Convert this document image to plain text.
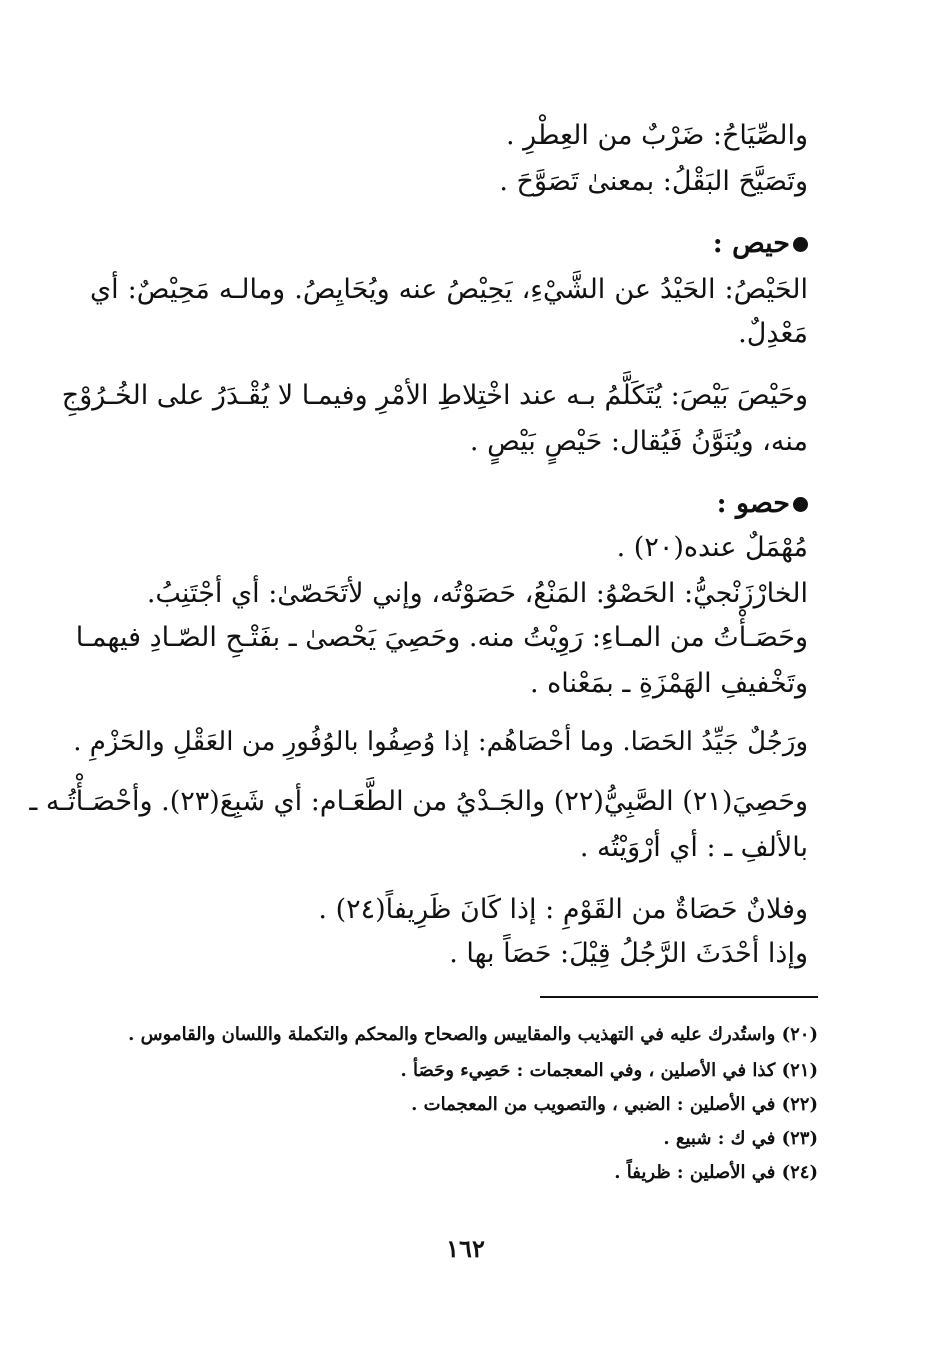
والصِّيَاحُ: ضَرْبٌ من العِطْرِ .
وتَصَيَّحَ البَقْلُ: بمعنىٰ تَصَوَّحَ .
حيص :
الحَيْصُ: الحَيْدُ عن الشَّيْءِ، يَحِيْصُ عنه ويُحَايِصُ. ومالـه مَحِيْصٌ: أي
مَعْدِلٌ.
وحَيْصَ بَيْصَ: يُتَكَلَّمُ بـه عند اخْتِلاطِ الأمْرِ وفيمـا لا يُقْـدَرُ على الخُـرُوْجِ
منه، ويُنَوَّنُ فَيُقال: حَيْصٍ بَيْصٍ .
حصو :
مُهْمَلٌ عنده(٢٠) .
الخارْزَنْجيُّ: الحَصْوُ: المَنْعُ، حَصَوْتُه، وإني لأتَحَصّىٰ: أي أجْتَنِبُ.
وحَصَـأْتُ من المـاءِ: رَوِيْتُ منه. وحَصِيَ يَحْصىٰ ـ بفَتْـحِ الصّـادِ فيهمـا
وتَخْفيفِ الهَمْزَةِ ـ بمَعْناه .
ورَجُلٌ جَيِّدُ الحَصَا. وما أحْصَاهُم: إذا وُصِفُوا بالوُفُورِ من العَقْلِ والحَزْمِ .
وحَصِيَ(٢١) الصَّبِيُّ(٢٢) والجَـدْيُ من الطَّعَـام: أي شَبِعَ(٢٣). وأحْصَـأْتُـه ـ
بالألفِ ـ : أي أرْوَيْتُه .
وفلانٌ حَصَاةٌ من القَوْمِ : إذا كَانَ ظَرِيفاً(٢٤) .
وإذا أحْدَثَ الرَّجُلُ قِيْلَ: حَصَاً بها .
(٢٠) واستُدرك عليه في التهذيب والمقاييس والصحاح والمحكم والتكملة واللسان والقاموس .
(٢١) كذا في الأصلين ، وفي المعجمات : حَصِيء وحَصَأ .
(٢٢) في الأصلين : الضبي ، والتصويب من المعجمات .
(٢٣) في ك : شبيع .
(٢٤) في الأصلين : ظريفاً .
١٦٢
